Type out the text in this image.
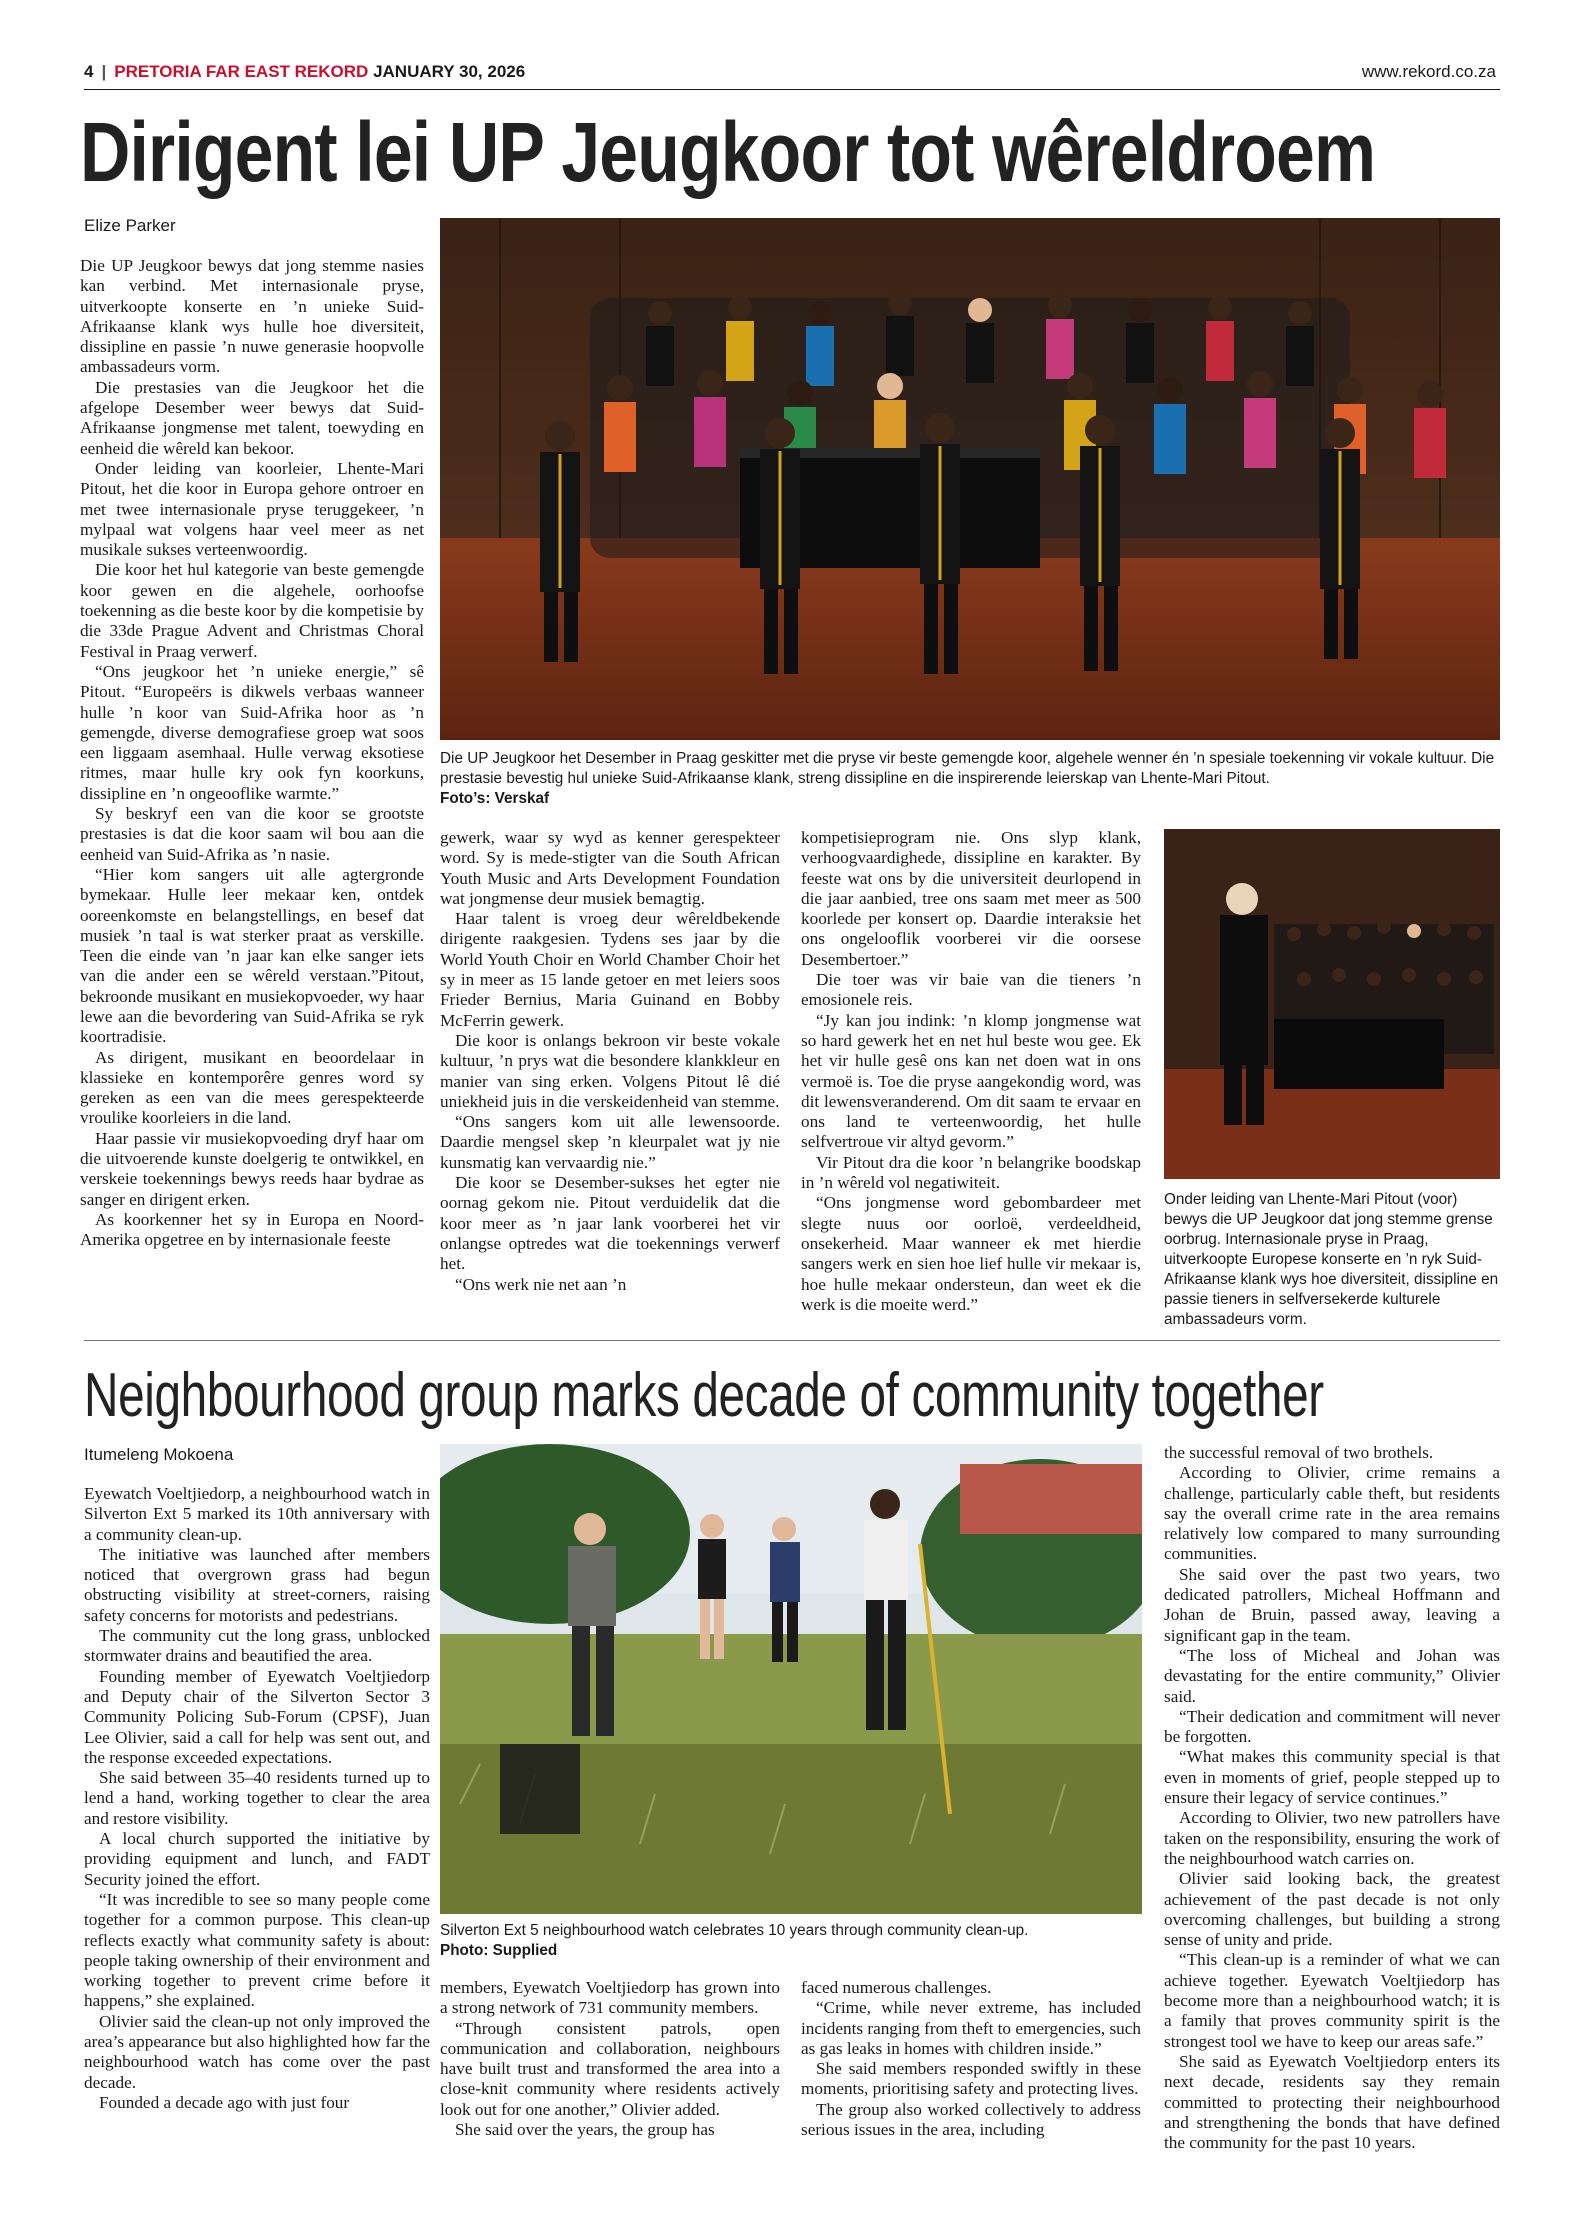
4 | PRETORIA FAR EAST REKORD JANUARY 30, 2026	www.rekord.co.za
Dirigent lei UP Jeugkoor tot wêreldroem
Elize Parker

Die UP Jeugkoor bewys dat jong stemme nasies kan verbind. Met internasionale pryse, uitverkoopte konserte en ’n unieke Suid-Afrikaanse klank wys hulle hoe diversiteit, dissipline en passie ’n nuwe generasie hoopvolle ambassadeurs vorm.

Die prestasies van die Jeugkoor het die afgelope Desember weer bewys dat Suid-Afrikaanse jongmense met talent, toewyding en eenheid die wêreld kan bekoor.

Onder leiding van koorleier, Lhente-Mari Pitout, het die koor in Europa gehore ontroer en met twee internasionale pryse teruggekeer, ’n mylpaal wat volgens haar veel meer as net musikale sukses verteenwoordig.

Die koor het hul kategorie van beste gemengde koor gewen en die algehele, oorhoofse toekenning as die beste koor by die kompetisie by die 33de Prague Advent and Christmas Choral Festival in Praag verwerf.

“Ons jeugkoor het ’n unieke energie,” sê Pitout. “Europeërs is dikwels verbaas wanneer hulle ’n koor van Suid-Afrika hoor as ’n gemengde, diverse demografiese groep wat soos een liggaam asemhaal. Hulle verwag eksotiese ritmes, maar hulle kry ook fyn koorkuns, dissipline en ’n ongeooflike warmte.”

Sy beskryf een van die koor se grootste prestasies is dat die koor saam wil bou aan die eenheid van Suid-Afrika as ’n nasie.

“Hier kom sangers uit alle agtergronde bymekaar. Hulle leer mekaar ken, ontdek ooreenkomste en belangstellings, en besef dat musiek ’n taal is wat sterker praat as verskille. Teen die einde van ’n jaar kan elke sanger iets van die ander een se wêreld verstaan.”Pitout, bekroonde musikant en musiekopvoeder, wy haar lewe aan die bevordering van Suid-Afrika se ryk koortradisie.

As dirigent, musikant en beoordelaar in klassieke en kontemporêre genres word sy gereken as een van die mees gerespekteerde vroulike koorleiers in die land.

Haar passie vir musiekopvoeding dryf haar om die uitvoerende kunste doelgerig te ontwikkel, en verskeie toekennings bewys reeds haar bydrae as sanger en dirigent erken.

As koorkenner het sy in Europa en Noord-Amerika opgetree en by internasionale feeste

Die UP Jeugkoor het Desember in Praag geskitter met die pryse vir beste gemengde koor, algehele wenner én ’n spesiale toekenning vir vokale kultuur. Die prestasie bevestig hul unieke Suid-Afrikaanse klank, streng dissipline en die inspirerende leierskap van Lhente-Mari Pitout.
Foto’s: Verskaf

gewerk, waar sy wyd as kenner gerespekteer word. Sy is mede-stigter van die South African Youth Music and Arts Development Foundation wat jongmense deur musiek bemagtig.

Haar talent is vroeg deur wêreldbekende dirigente raakgesien. Tydens ses jaar by die World Youth Choir en World Chamber Choir het sy in meer as 15 lande getoer en met leiers soos Frieder Bernius, Maria Guinand en Bobby McFerrin gewerk.

Die koor is onlangs bekroon vir beste vokale kultuur, ’n prys wat die besondere klankkleur en manier van sing erken. Volgens Pitout lê dié uniekheid juis in die verskeidenheid van stemme.

“Ons sangers kom uit alle lewensoorde. Daardie mengsel skep ’n kleurpalet wat jy nie kunsmatig kan vervaardig nie.”

Die koor se Desember-sukses het egter nie oornag gekom nie. Pitout verduidelik dat die koor meer as ’n jaar lank voorberei het vir onlangse optredes wat die toekennings verwerf het.

“Ons werk nie net aan ’n

kompetisieprogram nie. Ons slyp klank, verhoogvaardighede, dissipline en karakter. By feeste wat ons by die universiteit deurlopend in die jaar aanbied, tree ons saam met meer as 500 koorlede per konsert op. Daardie interaksie het ons ongelooflik voorberei vir die oorsese Desembertoer.”

Die toer was vir baie van die tieners ’n emosionele reis.

“Jy kan jou indink: ’n klomp jongmense wat so hard gewerk het en net hul beste wou gee. Ek het vir hulle gesê ons kan net doen wat in ons vermoë is. Toe die pryse aangekondig word, was dit lewensveranderend. Om dit saam te ervaar en ons land te verteenwoordig, het hulle selfvertroue vir altyd gevorm.”

Vir Pitout dra die koor ’n belangrike boodskap in ’n wêreld vol negatiwiteit.

“Ons jongmense word gebombardeer met slegte nuus oor oorloë, verdeeldheid, onsekerheid. Maar wanneer ek met hierdie sangers werk en sien hoe lief hulle vir mekaar is, hoe hulle mekaar ondersteun, dan weet ek die werk is die moeite werd.”

Onder leiding van Lhente-Mari Pitout (voor) bewys die UP Jeugkoor dat jong stemme grense oorbrug. Internasionale pryse in Praag, uitverkoopte Europese konserte en ’n ryk Suid-Afrikaanse klank wys hoe diversiteit, dissipline en passie tieners in selfversekerde kulturele ambassadeurs vorm.
Neighbourhood group marks decade of community together
Itumeleng Mokoena

Eyewatch Voeltjiedorp, a neighbourhood watch in Silverton Ext 5 marked its 10th anniversary with a community clean-up.

The initiative was launched after members noticed that overgrown grass had begun obstructing visibility at street-corners, raising safety concerns for motorists and pedestrians.

The community cut the long grass, unblocked stormwater drains and beautified the area.

Founding member of Eyewatch Voeltjiedorp and Deputy chair of the Silverton Sector 3 Community Policing Sub-Forum (CPSF), Juan Lee Olivier, said a call for help was sent out, and the response exceeded expectations.

She said between 35–40 residents turned up to lend a hand, working together to clear the area and restore visibility.

A local church supported the initiative by providing equipment and lunch, and FADT Security joined the effort.

“It was incredible to see so many people come together for a common purpose. This clean-up reflects exactly what community safety is about: people taking ownership of their environment and working together to prevent crime before it happens,” she explained.

Olivier said the clean-up not only improved the area’s appearance but also highlighted how far the neighbourhood watch has come over the past decade.

Founded a decade ago with just four

Silverton Ext 5 neighbourhood watch celebrates 10 years through community clean-up.
Photo: Supplied

members, Eyewatch Voeltjiedorp has grown into a strong network of 731 community members.

“Through consistent patrols, open communication and collaboration, neighbours have built trust and transformed the area into a close-knit community where residents actively look out for one another,” Olivier added.

She said over the years, the group has

faced numerous challenges.

“Crime, while never extreme, has included incidents ranging from theft to emergencies, such as gas leaks in homes with children inside.”

She said members responded swiftly in these moments, prioritising safety and protecting lives.

The group also worked collectively to address serious issues in the area, including

the successful removal of two brothels.

According to Olivier, crime remains a challenge, particularly cable theft, but residents say the overall crime rate in the area remains relatively low compared to many surrounding communities.

She said over the past two years, two dedicated patrollers, Micheal Hoffmann and Johan de Bruin, passed away, leaving a significant gap in the team.

“The loss of Micheal and Johan was devastating for the entire community,” Olivier said.

“Their dedication and commitment will never be forgotten.

“What makes this community special is that even in moments of grief, people stepped up to ensure their legacy of service continues.”

According to Olivier, two new patrollers have taken on the responsibility, ensuring the work of the neighbourhood watch carries on.

Olivier said looking back, the greatest achievement of the past decade is not only overcoming challenges, but building a strong sense of unity and pride.

“This clean-up is a reminder of what we can achieve together. Eyewatch Voeltjiedorp has become more than a neighbourhood watch; it is a family that proves community spirit is the strongest tool we have to keep our areas safe.”

She said as Eyewatch Voeltjiedorp enters its next decade, residents say they remain committed to protecting their neighbourhood and strengthening the bonds that have defined the community for the past 10 years.
